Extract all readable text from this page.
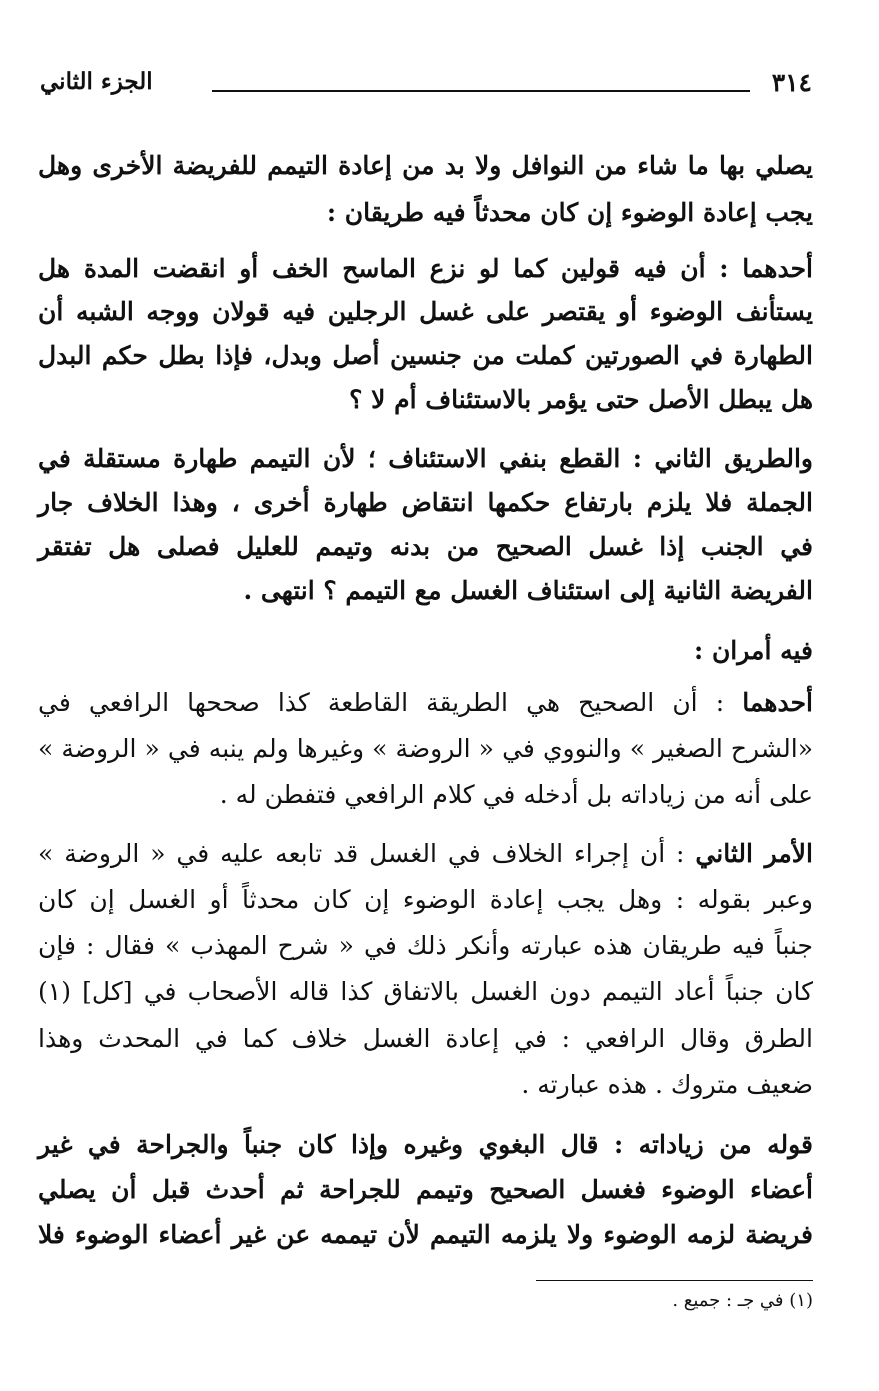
٣١٤
الجزء الثاني
يصلي بها ما شاء من النوافل ولا بد من إعادة التيمم للفريضة الأخرى وهل
يجب إعادة الوضوء إن كان محدثاً فيه طريقان :
أحدهما : أن فيه قولين كما لو نزع الماسح الخف أو انقضت المدة هل
يستأنف الوضوء أو يقتصر على غسل الرجلين فيه قولان ووجه الشبه أن
الطهارة في الصورتين كملت من جنسين أصل وبدل، فإذا بطل حكم البدل
هل يبطل الأصل حتى يؤمر بالاستئناف أم لا ؟
والطريق الثاني : القطع بنفي الاستئناف ؛ لأن التيمم طهارة مستقلة في
الجملة فلا يلزم بارتفاع حكمها انتقاض طهارة أخرى ، وهذا الخلاف جار
في الجنب إذا غسل الصحيح من بدنه وتيمم للعليل فصلى هل تفتقر
الفريضة الثانية إلى استئناف الغسل مع التيمم ؟ انتهى .
فيه أمران :
أحدهما : أن الصحيح هي الطريقة القاطعة كذا صححها الرافعي في
«الشرح الصغير » والنووي في « الروضة » وغيرها ولم ينبه في « الروضة »
على أنه من زياداته بل أدخله في كلام الرافعي فتفطن له .
الأمر الثاني : أن إجراء الخلاف في الغسل قد تابعه عليه في « الروضة »
وعبر بقوله : وهل يجب إعادة الوضوء إن كان محدثاً أو الغسل إن كان
جنباً فيه طريقان هذه عبارته وأنكر ذلك في « شرح المهذب » فقال : فإن
كان جنباً أعاد التيمم دون الغسل بالاتفاق كذا قاله الأصحاب في [كل] (١)
الطرق وقال الرافعي : في إعادة الغسل خلاف كما في المحدث وهذا
ضعيف متروك . هذه عبارته .
قوله من زياداته : قال البغوي وغيره وإذا كان جنباً والجراحة في غير
أعضاء الوضوء فغسل الصحيح وتيمم للجراحة ثم أحدث قبل أن يصلي
فريضة لزمه الوضوء ولا يلزمه التيمم لأن تيممه عن غير أعضاء الوضوء فلا
(١) في جـ : جميع .
